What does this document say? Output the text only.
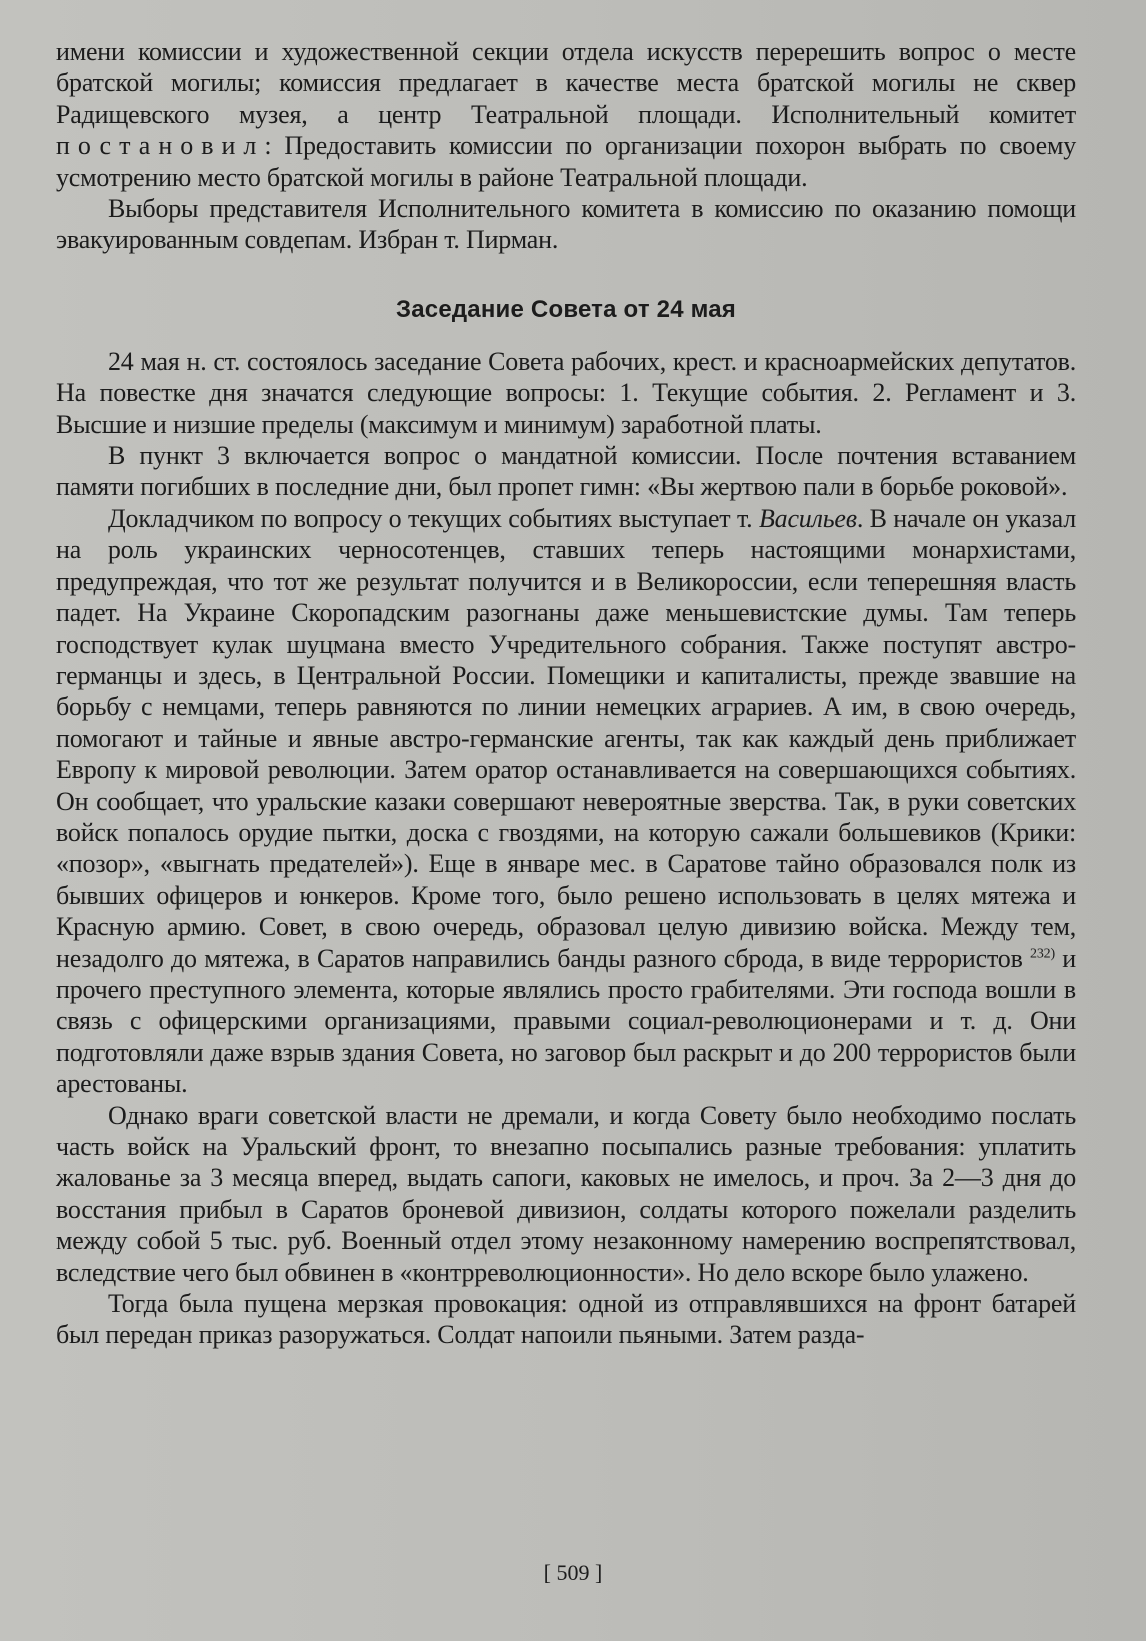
имени комиссии и художественной секции отдела искусств перерешить вопрос о месте братской могилы; комиссия предлагает в качестве места братской могилы не сквер Радищевского музея, а центр Театральной площади. Исполнительный комитет постановил: Предоставить комиссии по организации похорон выбрать по своему усмотрению место братской могилы в районе Театральной площади.

Выборы представителя Исполнительного комитета в комиссию по оказанию помощи эвакуированным совдепам. Избран т. Пирман.

Заседание Совета от 24 мая

24 мая н. ст. состоялось заседание Совета рабочих, крест. и красноармейских депутатов. На повестке дня значатся следующие вопросы: 1. Текущие события. 2. Регламент и 3. Высшие и низшие пределы (максимум и минимум) заработной платы.

В пункт 3 включается вопрос о мандатной комиссии. После почтения вставанием памяти погибших в последние дни, был пропет гимн: «Вы жертвою пали в борьбе роковой».

Докладчиком по вопросу о текущих событиях выступает т. Васильев. В начале он указал на роль украинских черносотенцев, ставших теперь настоящими монархистами, предупреждая, что тот же результат получится и в Великороссии, если теперешняя власть падет. На Украине Скоропадским разогнаны даже меньшевистские думы. Там теперь господствует кулак шуцмана вместо Учредительного собрания. Также поступят австро-германцы и здесь, в Центральной России. Помещики и капиталисты, прежде звавшие на борьбу с немцами, теперь равняются по линии немецких аграриев. А им, в свою очередь, помогают и тайные и явные австро-германские агенты, так как каждый день приближает Европу к мировой революции. Затем оратор останавливается на совершающихся событиях. Он сообщает, что уральские казаки совершают невероятные зверства. Так, в руки советских войск попалось орудие пытки, доска с гвоздями, на которую сажали большевиков (Крики: «позор», «выгнать предателей»). Еще в январе мес. в Саратове тайно образовался полк из бывших офицеров и юнкеров. Кроме того, было решено использовать в целях мятежа и Красную армию. Совет, в свою очередь, образовал целую дивизию войска. Между тем, незадолго до мятежа, в Саратов направились банды разного сброда, в виде террористов $^{232)}$ и прочего преступного элемента, которые являлись просто грабителями. Эти господа вошли в связь с офицерскими организациями, правыми социал-революционерами и т. д. Они подготовляли даже взрыв здания Совета, но заговор был раскрыт и до 200 террористов были арестованы.

Однако враги советской власти не дремали, и когда Совету было необходимо послать часть войск на Уральский фронт, то внезапно посыпались разные требования: уплатить жалованье за 3 месяца вперед, выдать сапоги, каковых не имелось, и проч. За 2—3 дня до восстания прибыл в Саратов броневой дивизион, солдаты которого пожелали разделить между собой 5 тыс. руб. Военный отдел этому незаконному намерению воспрепятствовал, вследствие чего был обвинен в «контрреволюционности». Но дело вскоре было улажено.

Тогда была пущена мерзкая провокация: одной из отправлявшихся на фронт батарей был передан приказ разоружаться. Солдат напоили пьяными. Затем разда-

[ 509 ]
